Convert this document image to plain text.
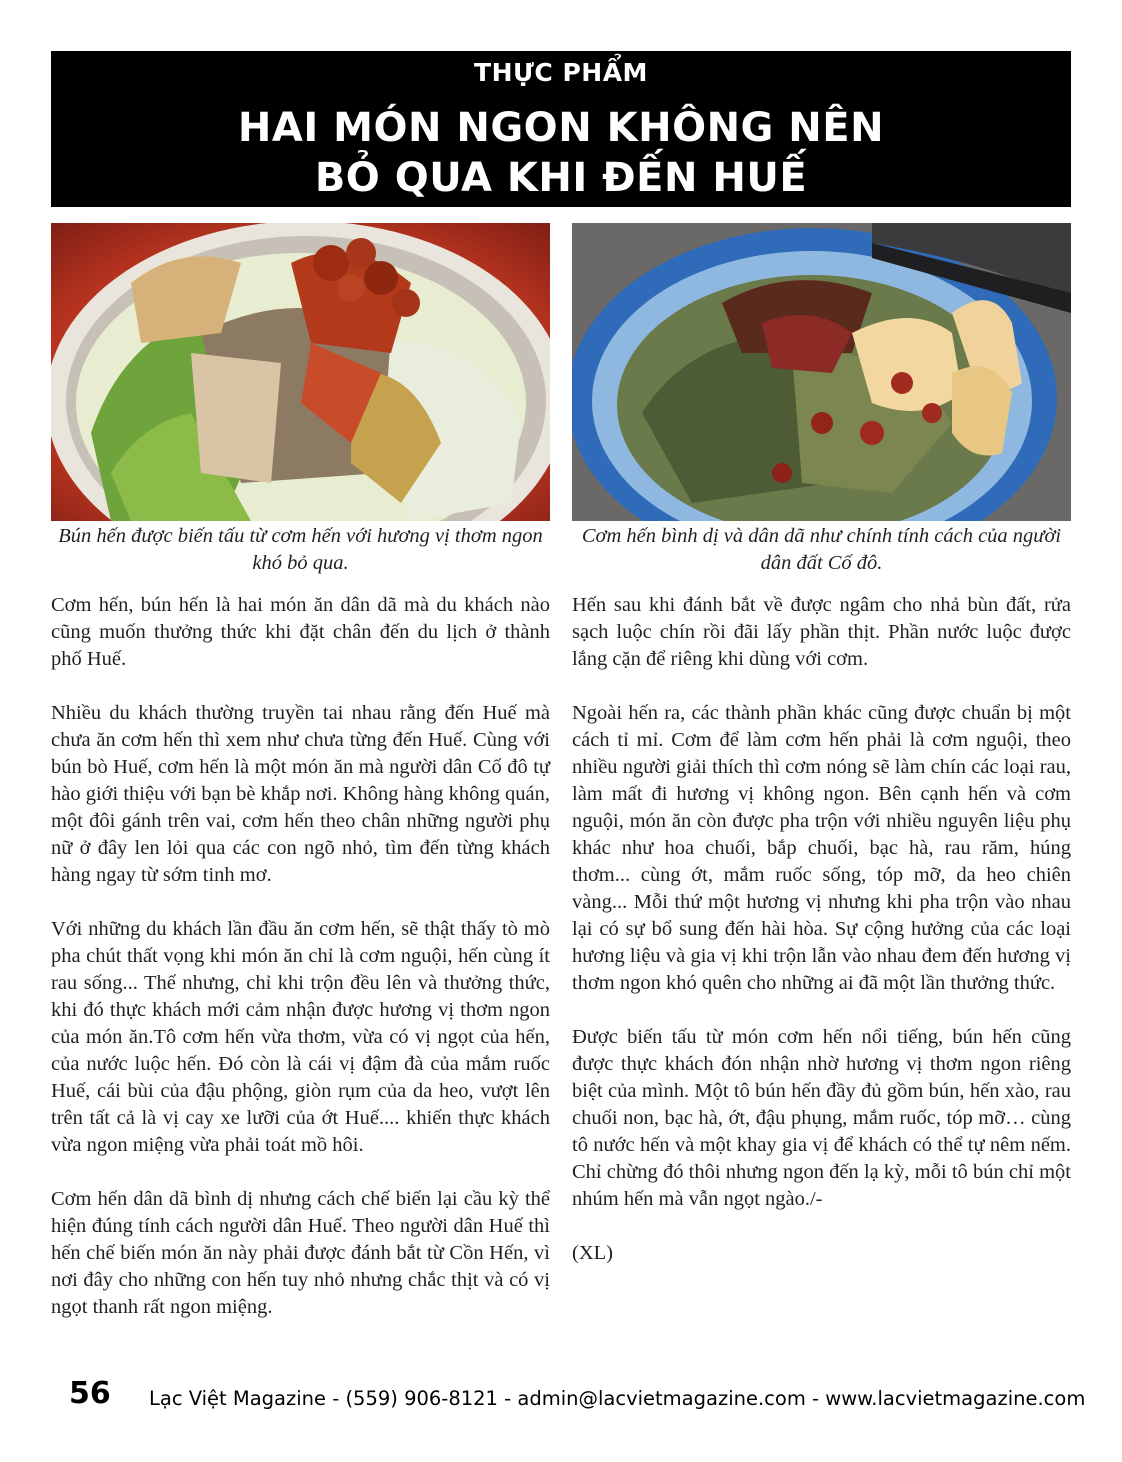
THỰC PHẨM
HAI MÓN NGON KHÔNG NÊN
BỎ QUA KHI ĐẾN HUẾ
Bún hến được biến tấu từ cơm hến với hương vị thơm ngon khó bỏ qua.
Cơm hến bình dị và dân dã như chính tính cách của người dân đất Cố đô.

Cơm hến, bún hến là hai món ăn dân dã mà du khách nào cũng muốn thưởng thức khi đặt chân đến du lịch ở thành phố Huế.

Nhiều du khách thường truyền tai nhau rằng đến Huế mà chưa ăn cơm hến thì xem như chưa từng đến Huế. Cùng với bún bò Huế, cơm hến là một món ăn mà người dân Cố đô tự hào giới thiệu với bạn bè khắp nơi. Không hàng không quán, một đôi gánh trên vai, cơm hến theo chân những người phụ nữ ở đây len lỏi qua các con ngõ nhỏ, tìm đến từng khách hàng ngay từ sớm tinh mơ.

Với những du khách lần đầu ăn cơm hến, sẽ thật thấy tò mò pha chút thất vọng khi món ăn chỉ là cơm nguội, hến cùng ít rau sống... Thế nhưng, chỉ khi trộn đều lên và thưởng thức, khi đó thực khách mới cảm nhận được hương vị thơm ngon của món ăn.Tô cơm hến vừa thơm, vừa có vị ngọt của hến, của nước luộc hến. Đó còn là cái vị đậm đà của mắm ruốc Huế, cái bùi của đậu phộng, giòn rụm của da heo, vượt lên trên tất cả là vị cay xe lưỡi của ớt Huế.... khiến thực khách vừa ngon miệng vừa phải toát mồ hôi.

Cơm hến dân dã bình dị nhưng cách chế biến lại cầu kỳ thể hiện đúng tính cách người dân Huế. Theo người dân Huế thì hến chế biến món ăn này phải được đánh bắt từ Cồn Hến, vì nơi đây cho những con hến tuy nhỏ nhưng chắc thịt và có vị ngọt thanh rất ngon miệng.

Hến sau khi đánh bắt về được ngâm cho nhả bùn đất, rửa sạch luộc chín rồi đãi lấy phần thịt. Phần nước luộc được lắng cặn để riêng khi dùng với cơm.

Ngoài hến ra, các thành phần khác cũng được chuẩn bị một cách tỉ mỉ. Cơm để làm cơm hến phải là cơm nguội, theo nhiều người giải thích thì cơm nóng sẽ làm chín các loại rau, làm mất đi hương vị không ngon. Bên cạnh hến và cơm nguội, món ăn còn được pha trộn với nhiều nguyên liệu phụ khác như hoa chuối, bắp chuối, bạc hà, rau răm, húng thơm... cùng ớt, mắm ruốc sống, tóp mỡ, da heo chiên vàng... Mỗi thứ một hương vị nhưng khi pha trộn vào nhau lại có sự bổ sung đến hài hòa. Sự cộng hưởng của các loại hương liệu và gia vị khi trộn lẫn vào nhau đem đến hương vị thơm ngon khó quên cho những ai đã một lần thưởng thức.

Được biến tấu từ món cơm hến nổi tiếng, bún hến cũng được thực khách đón nhận nhờ hương vị thơm ngon riêng biệt của mình. Một tô bún hến đầy đủ gồm bún, hến xào, rau chuối non, bạc hà, ớt, đậu phụng, mắm ruốc, tóp mỡ… cùng tô nước hến và một khay gia vị để khách có thể tự nêm nếm. Chỉ chừng đó thôi nhưng ngon đến lạ kỳ, mỗi tô bún chỉ một nhúm hến mà vẫn ngọt ngào./-

(XL)

56 Lạc Việt Magazine - (559) 906-8121 - admin@lacvietmagazine.com - www.lacvietmagazine.com
